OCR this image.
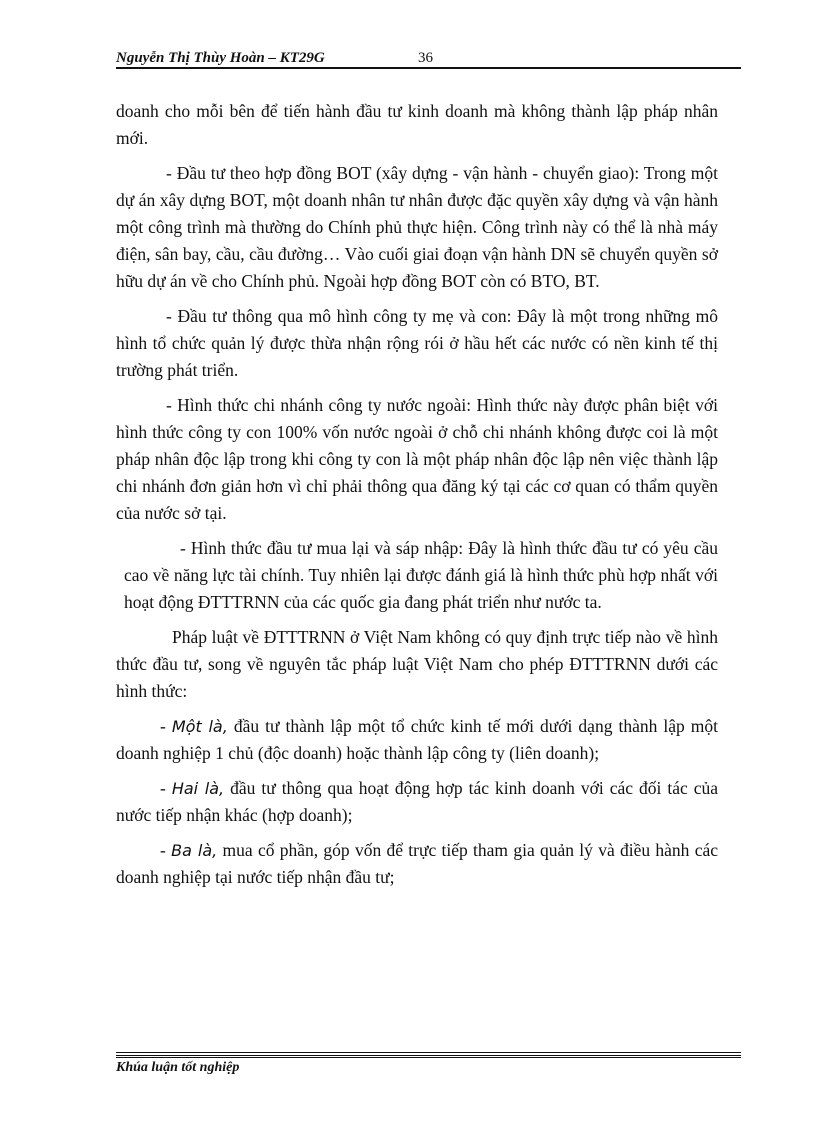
Nguyễn Thị Thùy Hoàn – KT29G	36

doanh cho mỗi bên để tiến hành đầu tư kinh doanh mà không thành lập pháp nhân mới.

- Đầu tư theo hợp đồng BOT (xây dựng - vận hành - chuyển giao): Trong một dự án xây dựng BOT, một doanh nhân tư nhân được đặc quyền xây dựng và vận hành một công trình mà thường do Chính phủ thực hiện. Công trình này có thể là nhà máy điện, sân bay, cầu, cầu đường… Vào cuối giai đoạn vận hành DN sẽ chuyển quyền sở hữu dự án về cho Chính phủ. Ngoài hợp đồng BOT còn có BTO, BT.

- Đầu tư thông qua mô hình công ty mẹ và con: Đây là một trong những mô hình tổ chức quản lý được thừa nhận rộng rói ở hầu hết các nước có nền kinh tế thị trường phát triển.

- Hình thức chi nhánh công ty nước ngoài: Hình thức này được phân biệt với hình thức công ty con 100% vốn nước ngoài ở chỗ chi nhánh không được coi là một pháp nhân độc lập trong khi công ty con là một pháp nhân độc lập nên việc thành lập chi nhánh đơn giản hơn vì chỉ phải thông qua đăng ký tại các cơ quan có thẩm quyền của nước sở tại.

- Hình thức đầu tư mua lại và sáp nhập: Đây là hình thức đầu tư có yêu cầu cao về năng lực tài chính. Tuy nhiên lại được đánh giá là hình thức phù hợp nhất với hoạt động ĐTTTRNN của các quốc gia đang phát triển như nước ta.

Pháp luật về ĐTTTRNN ở Việt Nam không có quy định trực tiếp nào về hình thức đầu tư, song về nguyên tắc pháp luật Việt Nam cho phép ĐTTTRNN dưới các hình thức:

- Một là, đầu tư thành lập một tổ chức kinh tế mới dưới dạng thành lập một doanh nghiệp 1 chủ (độc doanh) hoặc thành lập công ty (liên doanh);

- Hai là, đầu tư thông qua hoạt động hợp tác kinh doanh với các đối tác của nước tiếp nhận khác (hợp doanh);

- Ba là, mua cổ phần, góp vốn để trực tiếp tham gia quản lý và điều hành các doanh nghiệp tại nước tiếp nhận đầu tư;

Khúa luận tốt nghiệp
